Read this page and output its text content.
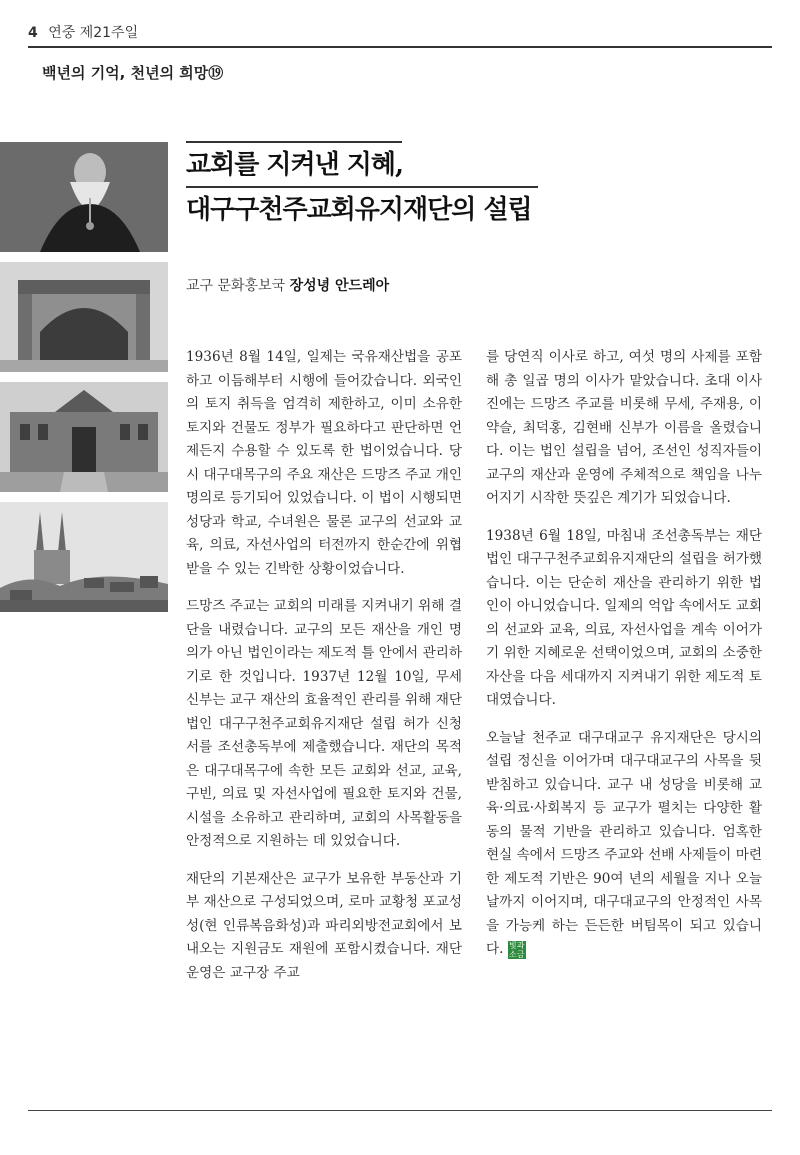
4 연중 제21주일
백년의 기억, 천년의 희망⑲
교회를 지켜낸 지혜,
대구구천주교회유지재단의 설립
교구 문화홍보국 장성녕 안드레아

1936년 8월 14일, 일제는 국유재산법을 공포하고 이듬해부터 시행에 들어갔습니다. 외국인의 토지 취득을 엄격히 제한하고, 이미 소유한 토지와 건물도 정부가 필요하다고 판단하면 언제든지 수용할 수 있도록 한 법이었습니다. 당시 대구대목구의 주요 재산은 드망즈 주교 개인 명의로 등기되어 있었습니다. 이 법이 시행되면 성당과 학교, 수녀원은 물론 교구의 선교와 교육, 의료, 자선사업의 터전까지 한순간에 위협받을 수 있는 긴박한 상황이었습니다.

드망즈 주교는 교회의 미래를 지켜내기 위해 결단을 내렸습니다. 교구의 모든 재산을 개인 명의가 아닌 법인이라는 제도적 틀 안에서 관리하기로 한 것입니다. 1937년 12월 10일, 무세 신부는 교구 재산의 효율적인 관리를 위해 재단법인 대구구천주교회유지재단 설립 허가 신청서를 조선총독부에 제출했습니다. 재단의 목적은 대구대목구에 속한 모든 교회와 선교, 교육, 구빈, 의료 및 자선사업에 필요한 토지와 건물, 시설을 소유하고 관리하며, 교회의 사목활동을 안정적으로 지원하는 데 있었습니다.

재단의 기본재산은 교구가 보유한 부동산과 기부 재산으로 구성되었으며, 로마 교황청 포교성성(현 인류복음화성)과 파리외방전교회에서 보내오는 지원금도 재원에 포함시켰습니다. 재단 운영은 교구장 주교

를 당연직 이사로 하고, 여섯 명의 사제를 포함해 총 일곱 명의 이사가 맡았습니다. 초대 이사진에는 드망즈 주교를 비롯해 무세, 주재용, 이약슬, 최덕홍, 김현배 신부가 이름을 올렸습니다. 이는 법인 설립을 넘어, 조선인 성직자들이 교구의 재산과 운영에 주체적으로 책임을 나누어지기 시작한 뜻깊은 계기가 되었습니다.

1938년 6월 18일, 마침내 조선총독부는 재단법인 대구구천주교회유지재단의 설립을 허가했습니다. 이는 단순히 재산을 관리하기 위한 법인이 아니었습니다. 일제의 억압 속에서도 교회의 선교와 교육, 의료, 자선사업을 계속 이어가기 위한 지혜로운 선택이었으며, 교회의 소중한 자산을 다음 세대까지 지켜내기 위한 제도적 토대였습니다.

오늘날 천주교 대구대교구 유지재단은 당시의 설립 정신을 이어가며 대구대교구의 사목을 뒷받침하고 있습니다. 교구 내 성당을 비롯해 교육·의료·사회복지 등 교구가 펼치는 다양한 활동의 물적 기반을 관리하고 있습니다. 엄혹한 현실 속에서 드망즈 주교와 선배 사제들이 마련한 제도적 기반은 90여 년의 세월을 지나 오늘날까지 이어지며, 대구대교구의 안정적인 사목을 가능케 하는 든든한 버팀목이 되고 있습니다. 빛과소금
